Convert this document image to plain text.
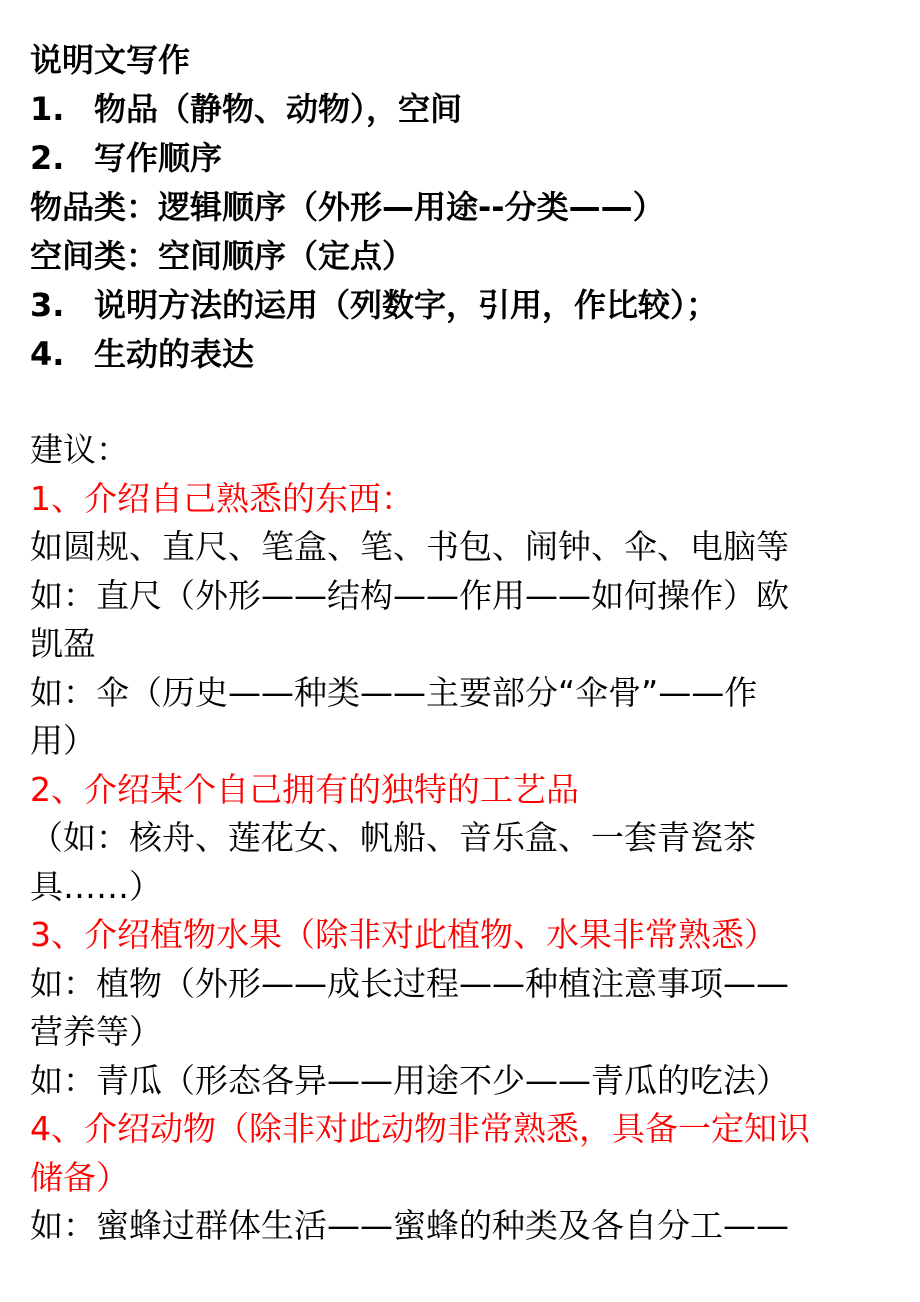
说明文写作

1. 物品（静物、动物），空间

2. 写作顺序

物品类：逻辑顺序（外形—用途--分类——）

空间类：空间顺序（定点）

3. 说明方法的运用（列数字，引用，作比较）；

4. 生动的表达

建议：

1、介绍自己熟悉的东西：

如圆规、直尺、笔盒、笔、书包、闹钟、伞、电脑等

如：直尺（外形——结构——作用——如何操作）欧

凯盈

如：伞（历史——种类——主要部分“伞骨”——作

用）

2、介绍某个自己拥有的独特的工艺品

（如：核舟、莲花女、帆船、音乐盒、一套青瓷茶

具……）

3、介绍植物水果（除非对此植物、水果非常熟悉）

如：植物（外形——成长过程——种植注意事项——

营养等）

如：青瓜（形态各异——用途不少——青瓜的吃法）

4、介绍动物（除非对此动物非常熟悉，具备一定知识

储备）

如：蜜蜂过群体生活——蜜蜂的种类及各自分工——
